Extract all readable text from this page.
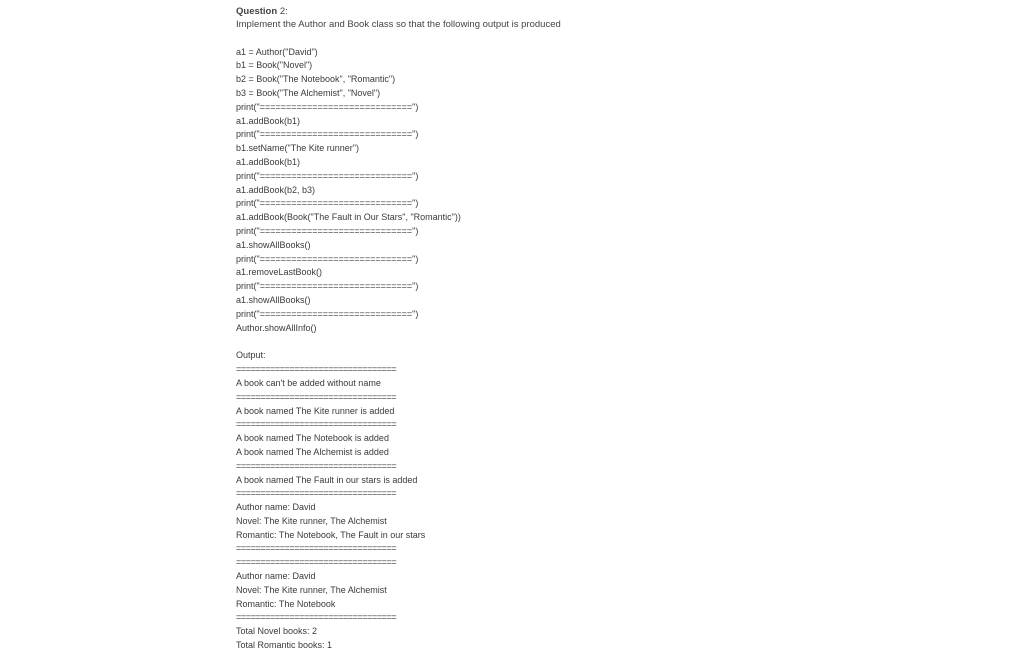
Question 2:
Implement the Author and Book class so that the following output is produced
a1 = Author("David")
b1 = Book("Novel")
b2 = Book("The Notebook", "Romantic")
b3 = Book("The Alchemist", "Novel")
print("=============================")
a1.addBook(b1)
print("=============================")
b1.setName("The Kite runner")
a1.addBook(b1)
print("=============================")
a1.addBook(b2, b3)
print("=============================")
a1.addBook(Book("The Fault in Our Stars", "Romantic"))
print("=============================")
a1.showAllBooks()
print("=============================")
a1.removeLastBook()
print("=============================")
a1.showAllBooks()
print("=============================")
Author.showAllInfo()
Output:
=================================
A book can't be added without name
=================================
A book named The Kite runner is added
=================================
A book named The Notebook is added
A book named The Alchemist is added
=================================
A book named The Fault in our stars is added
=================================
Author name: David
Novel: The Kite runner, The Alchemist
Romantic: The Notebook, The Fault in our stars
=================================
=================================
Author name: David
Novel: The Kite runner, The Alchemist
Romantic: The Notebook
=================================
Total Novel books: 2
Total Romantic books: 1
